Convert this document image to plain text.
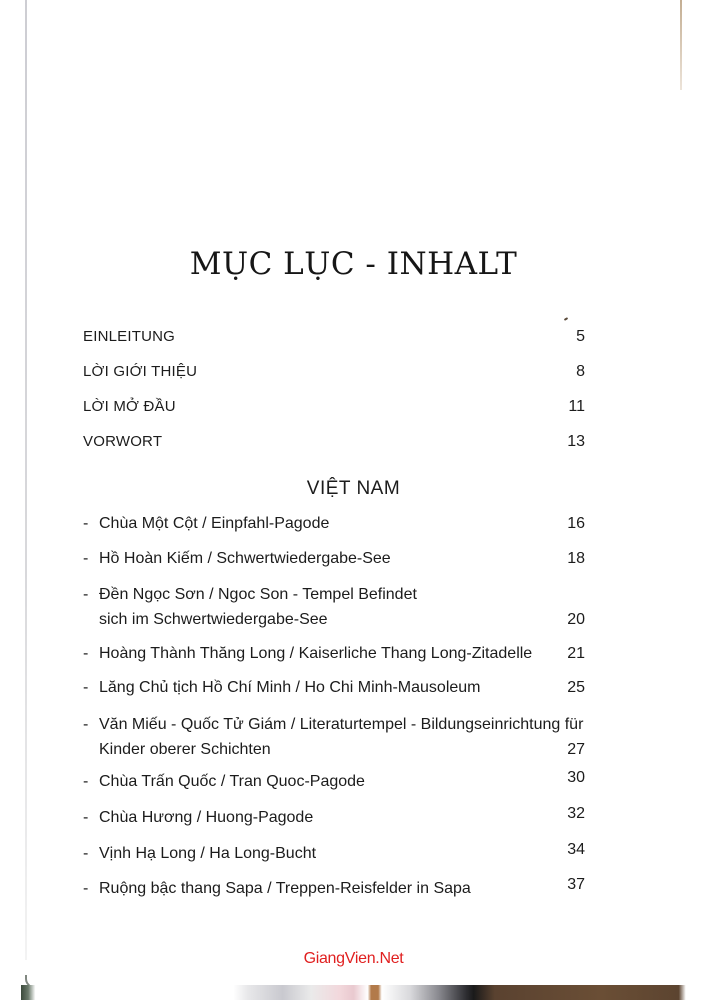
MỤC LỤC - INHALT
EINLEITUNG	5
LỜI GIỚI THIỆU	8
LỜI MỞ ĐẦU	11
VORWORT	13
VIỆT NAM
- Chùa Một Cột / Einpfahl-Pagode	16
- Hồ Hoàn Kiếm / Schwertwiedergabe-See	18
- Đền Ngọc Sơn / Ngoc Son - Tempel Befindet sich im Schwertwiedergabe-See	20
- Hoàng Thành Thăng Long / Kaiserliche Thang Long-Zitadelle	21
- Lăng Chủ tịch Hồ Chí Minh / Ho Chi Minh-Mausoleum	25
- Văn Miếu - Quốc Tử Giám / Literaturtempel - Bildungseinrichtung für Kinder oberer Schichten	27
- Chùa Trấn Quốc / Tran Quoc-Pagode	30
- Chùa Hương / Huong-Pagode	32
- Vịnh Hạ Long / Ha Long-Bucht	34
- Ruộng bậc thang Sapa / Treppen-Reisfelder in Sapa	37
GiangVien.Net
